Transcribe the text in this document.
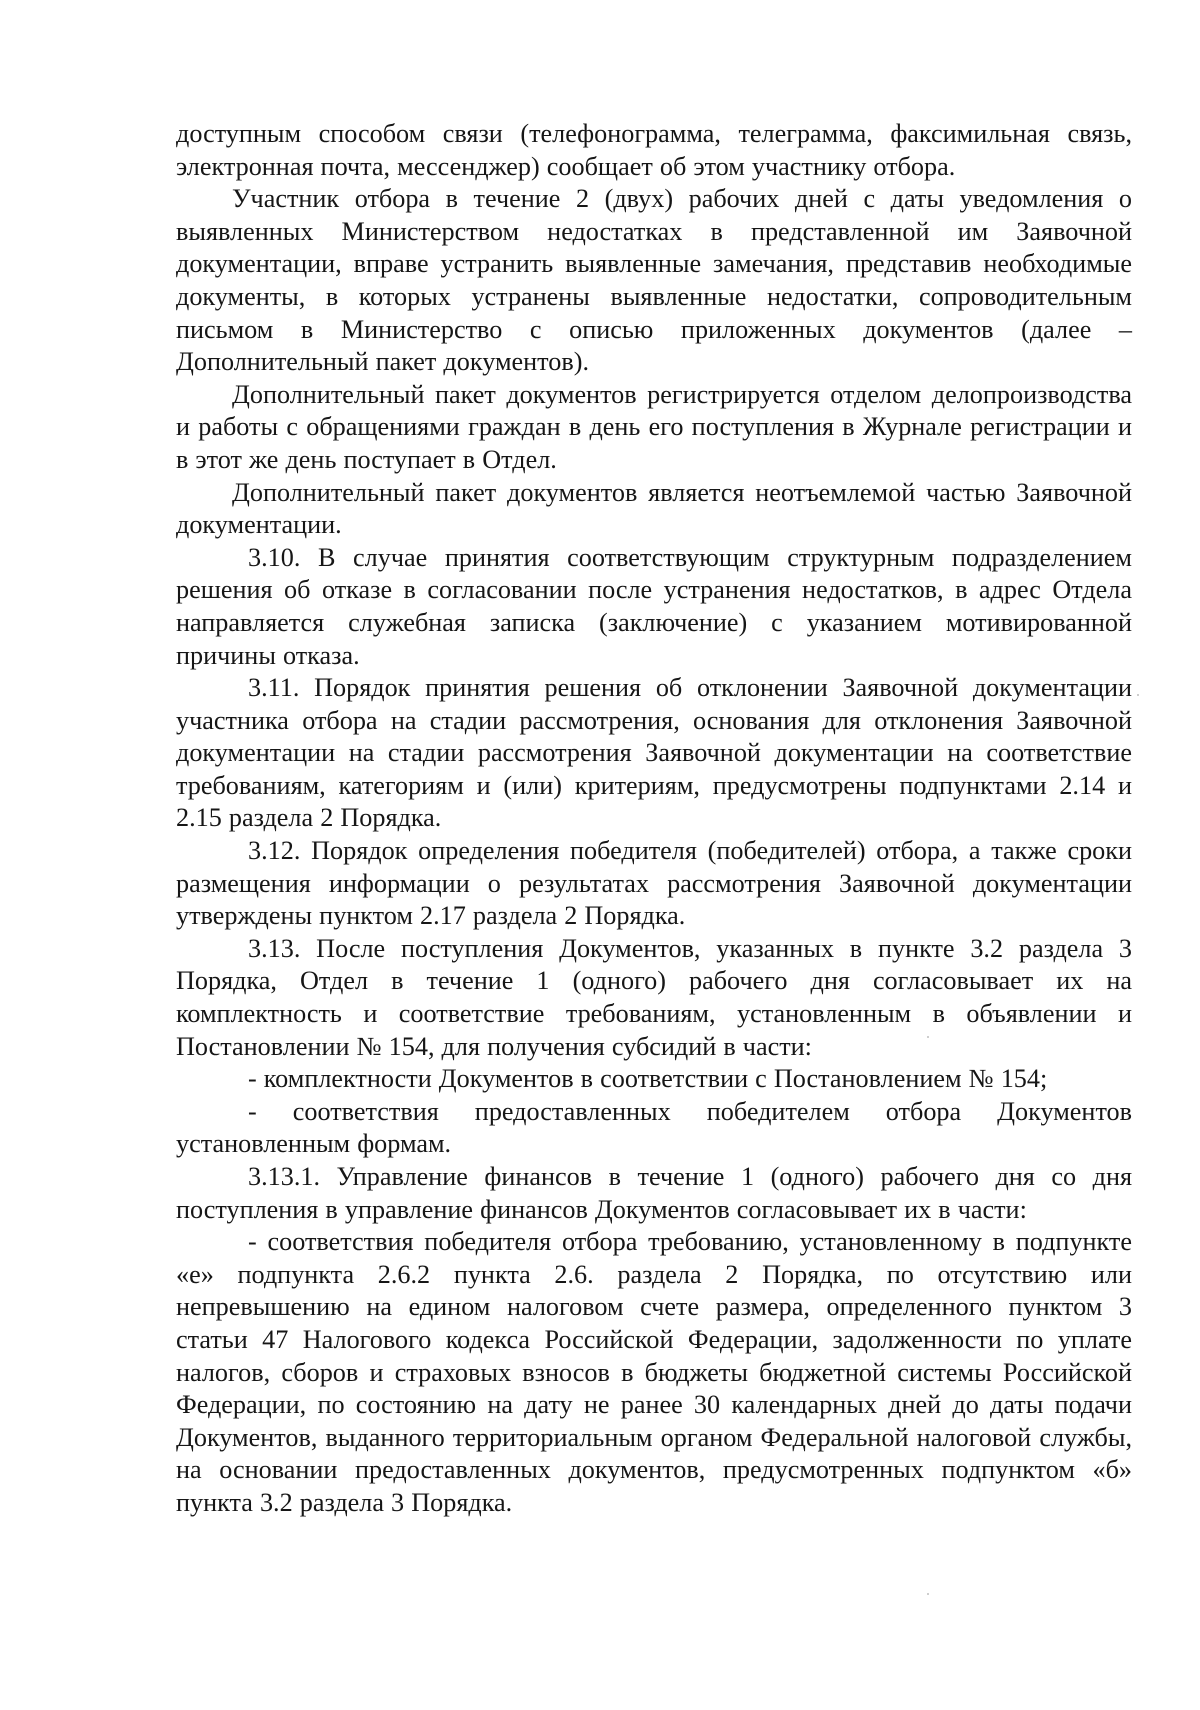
доступным способом связи (телефонограмма, телеграмма, факсимильная связь, электронная почта, мессенджер) сообщает об этом участнику отбора.

Участник отбора в течение 2 (двух) рабочих дней с даты уведомления о выявленных Министерством недостатках в представленной им Заявочной документации, вправе устранить выявленные замечания, представив необходимые документы, в которых устранены выявленные недостатки, сопроводительным письмом в Министерство с описью приложенных документов (далее – Дополнительный пакет документов).

Дополнительный пакет документов регистрируется отделом делопроизводства и работы с обращениями граждан в день его поступления в Журнале регистрации и в этот же день поступает в Отдел.

Дополнительный пакет документов является неотъемлемой частью Заявочной документации.

3.10. В случае принятия соответствующим структурным подразделением решения об отказе в согласовании после устранения недостатков, в адрес Отдела направляется служебная записка (заключение) с указанием мотивированной причины отказа.

3.11. Порядок принятия решения об отклонении Заявочной документации участника отбора на стадии рассмотрения, основания для отклонения Заявочной документации на стадии рассмотрения Заявочной документации на соответствие требованиям, категориям и (или) критериям, предусмотрены подпунктами 2.14 и 2.15 раздела 2 Порядка.

3.12. Порядок определения победителя (победителей) отбора, а также сроки размещения информации о результатах рассмотрения Заявочной документации утверждены пунктом 2.17 раздела 2 Порядка.

3.13. После поступления Документов, указанных в пункте 3.2 раздела 3 Порядка, Отдел в течение 1 (одного) рабочего дня согласовывает их на комплектность и соответствие требованиям, установленным в объявлении и Постановлении № 154, для получения субсидий в части:

- комплектности Документов в соответствии с Постановлением № 154;

- соответствия предоставленных победителем отбора Документов установленным формам.

3.13.1. Управление финансов в течение 1 (одного) рабочего дня со дня поступления в управление финансов Документов согласовывает их в части:

- соответствия победителя отбора требованию, установленному в подпункте «е» подпункта 2.6.2 пункта 2.6. раздела 2 Порядка, по отсутствию или непревышению на едином налоговом счете размера, определенного пунктом 3 статьи 47 Налогового кодекса Российской Федерации, задолженности по уплате налогов, сборов и страховых взносов в бюджеты бюджетной системы Российской Федерации, по состоянию на дату не ранее 30 календарных дней до даты подачи Документов, выданного территориальным органом Федеральной налоговой службы, на основании предоставленных документов, предусмотренных подпунктом «б» пункта 3.2 раздела 3 Порядка.
